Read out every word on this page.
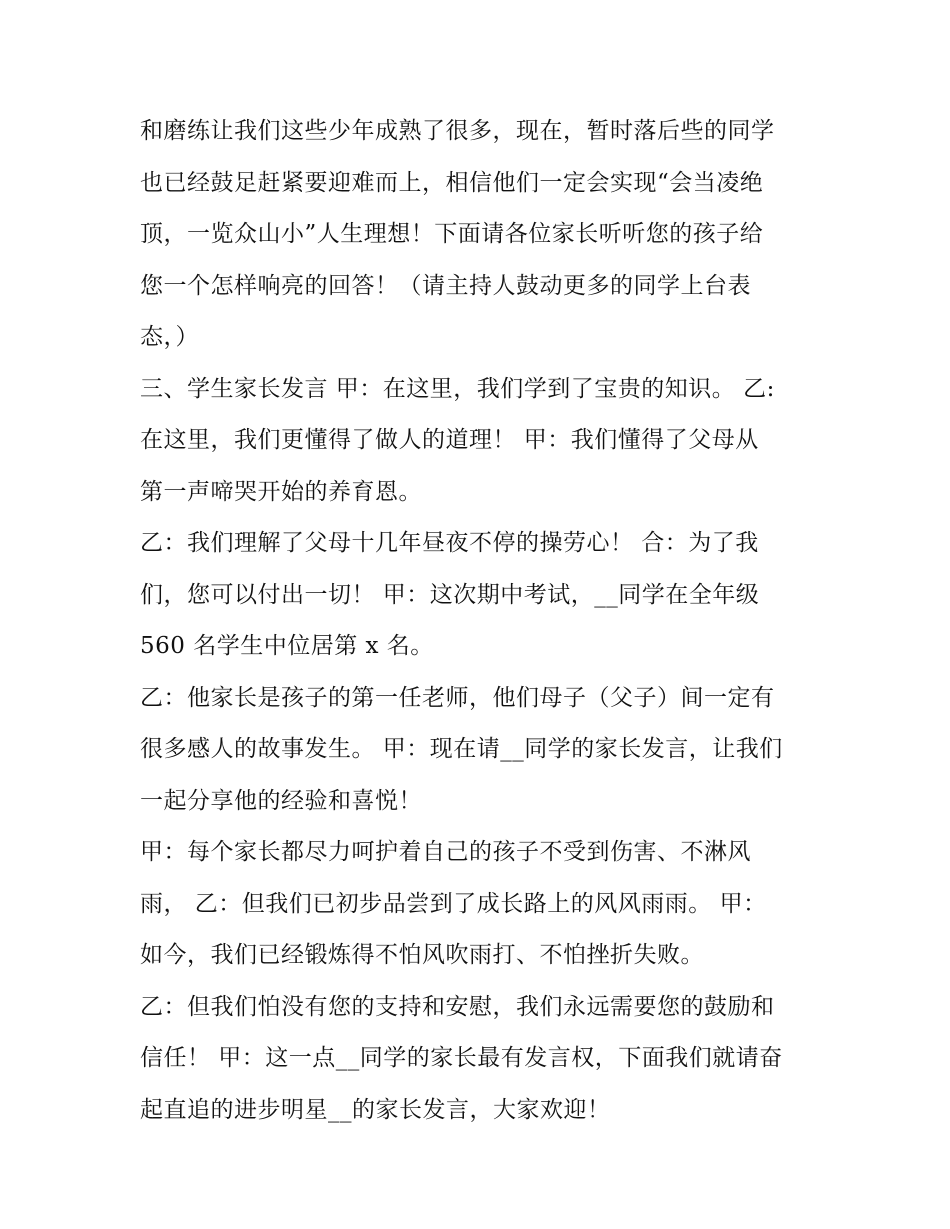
和磨练让我们这些少年成熟了很多，现在，暂时落后些的同学
也已经鼓足赶紧要迎难而上，相信他们一定会实现“会当凌绝
顶，一览众山小”人生理想！下面请各位家长听听您的孩子给
您一个怎样响亮的回答！（请主持人鼓动更多的同学上台表
态，）
三、学生家长发言 甲：在这里，我们学到了宝贵的知识。 乙:
在这里，我们更懂得了做人的道理！ 甲：我们懂得了父母从
第一声啼哭开始的养育恩。
乙：我们理解了父母十几年昼夜不停的操劳心！ 合：为了我
们，您可以付出一切！ 甲：这次期中考试，__同学在全年级
560 名学生中位居第 x 名。
乙：他家长是孩子的第一任老师，他们母子（父子）间一定有
很多感人的故事发生。 甲：现在请__同学的家长发言，让我们
一起分享他的经验和喜悦！
甲：每个家长都尽力呵护着自己的孩子不受到伤害、不淋风
雨， 乙：但我们已初步品尝到了成长路上的风风雨雨。 甲：
如今，我们已经锻炼得不怕风吹雨打、不怕挫折失败。
乙：但我们怕没有您的支持和安慰，我们永远需要您的鼓励和
信任！ 甲：这一点__同学的家长最有发言权，下面我们就请奋
起直追的进步明星__的家长发言，大家欢迎！
